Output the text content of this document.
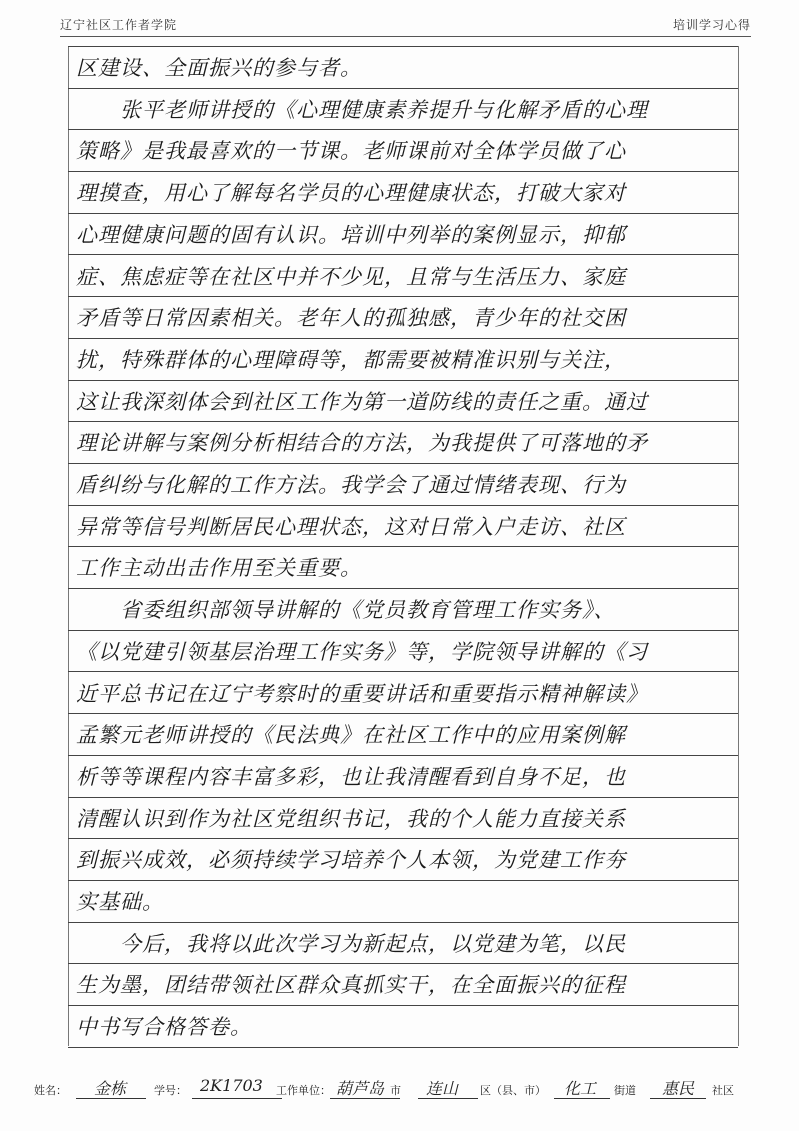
辽宁社区工作者学院	培训学习心得
区建设、全面振兴的参与者。
张平老师讲授的《心理健康素养提升与化解矛盾的心理
策略》是我最喜欢的一节课。老师课前对全体学员做了心
理摸查，用心了解每名学员的心理健康状态，打破大家对
心理健康问题的固有认识。培训中列举的案例显示，抑郁
症、焦虑症等在社区中并不少见，且常与生活压力、家庭
矛盾等日常因素相关。老年人的孤独感，青少年的社交困
扰，特殊群体的心理障碍等，都需要被精准识别与关注，
这让我深刻体会到社区工作为第一道防线的责任之重。通过
理论讲解与案例分析相结合的方法，为我提供了可落地的矛
盾纠纷与化解的工作方法。我学会了通过情绪表现、行为
异常等信号判断居民心理状态，这对日常入户走访、社区
工作主动出击作用至关重要。
省委组织部领导讲解的《党员教育管理工作实务》、
《以党建引领基层治理工作实务》等，学院领导讲解的《习
近平总书记在辽宁考察时的重要讲话和重要指示精神解读》
孟繁元老师讲授的《民法典》在社区工作中的应用案例解
析等等课程内容丰富多彩，也让我清醒看到自身不足，也
清醒认识到作为社区党组织书记，我的个人能力直接关系
到振兴成效，必须持续学习培养个人本领，为党建工作夯
实基础。
今后，我将以此次学习为新起点，以党建为笔，以民
生为墨，团结带领社区群众真抓实干，在全面振兴的征程
中书写合格答卷。
姓名： 金栋	学号： 2K1703 工作单位： 葫芦岛 市 连山 区（县、市） 化工 街道 惠民 社区
